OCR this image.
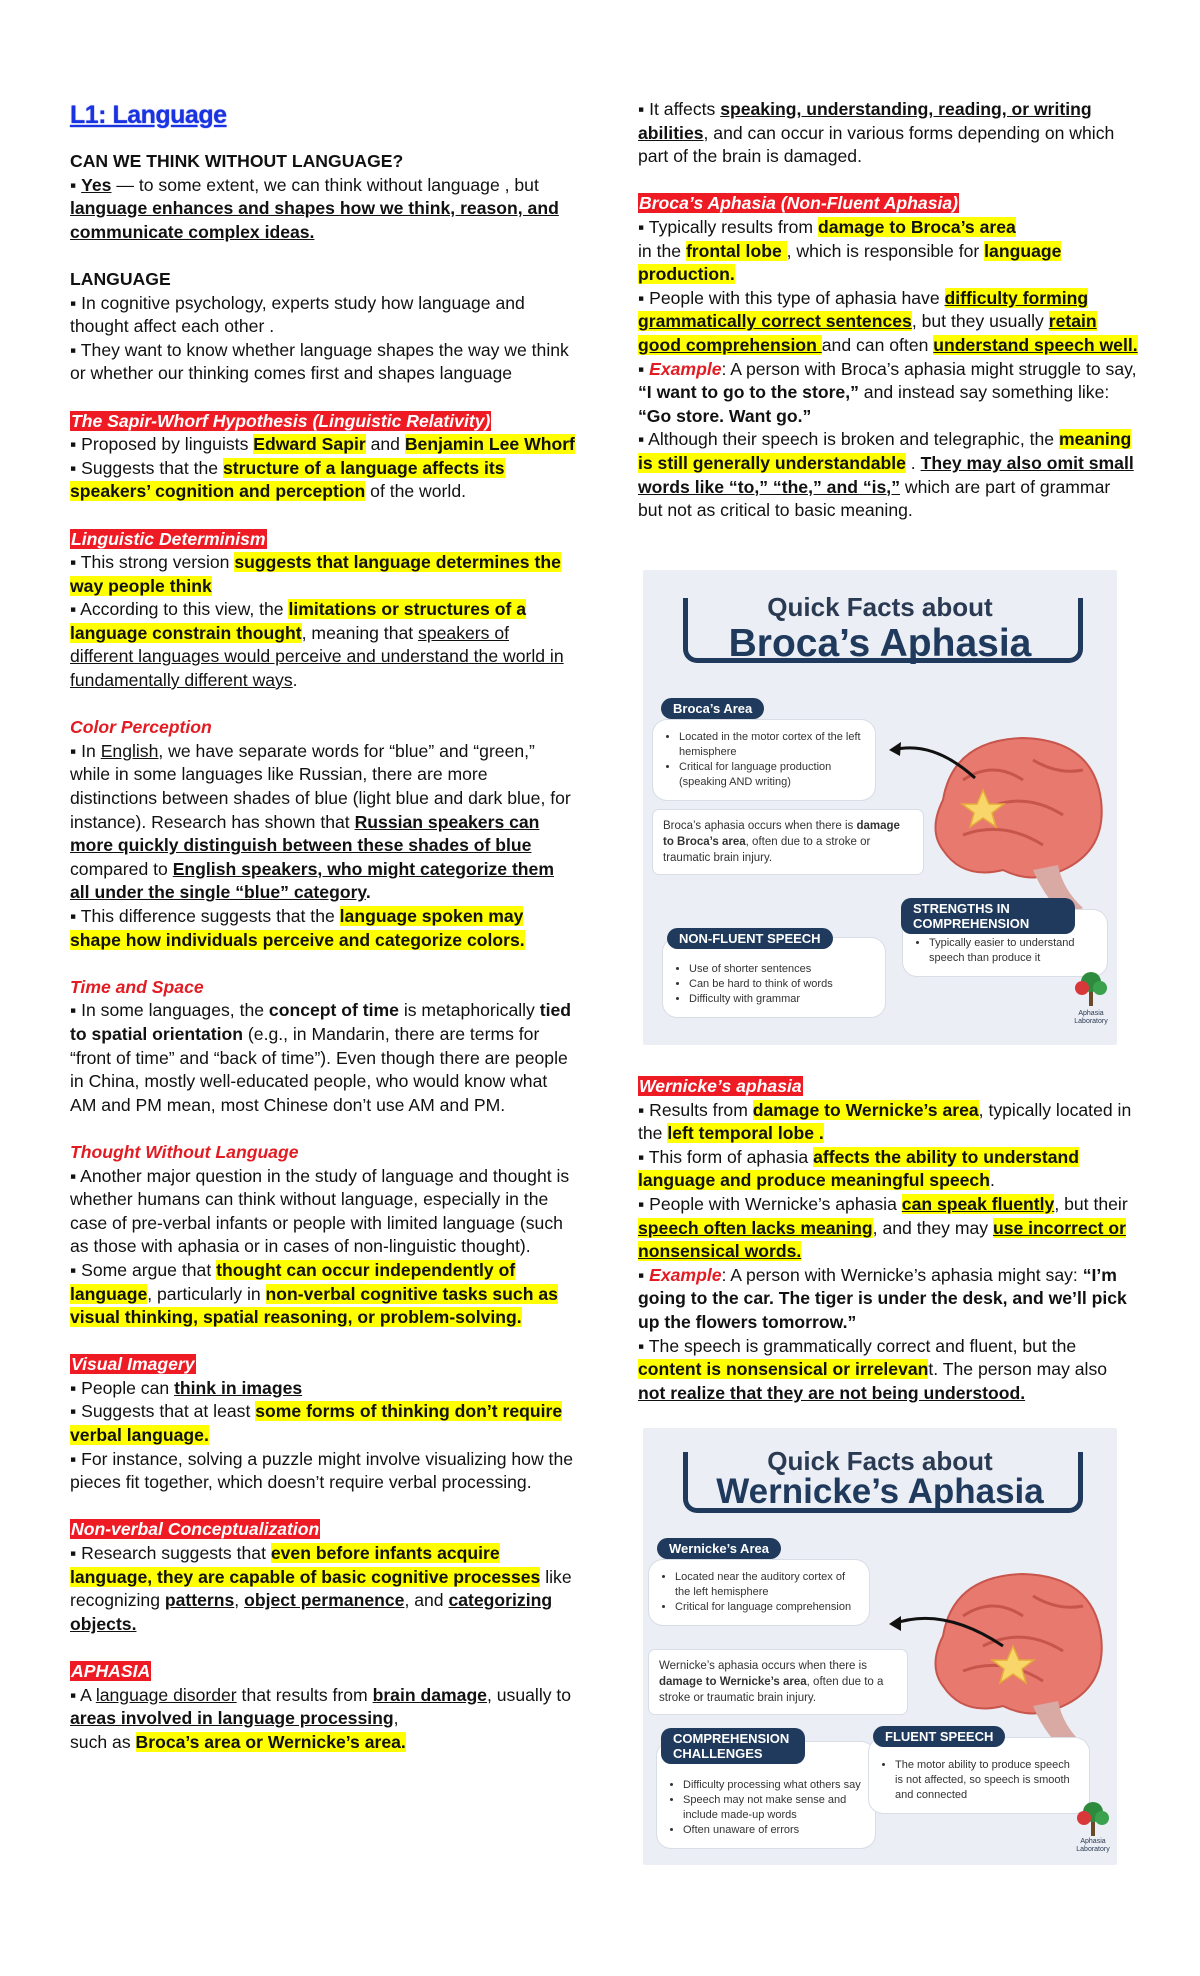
L1: Language

CAN WE THINK WITHOUT LANGUAGE?

▪ Yes — to some extent, we can think without language , but language enhances and shapes how we think, reason, and communicate complex ideas.

LANGUAGE

▪ In cognitive psychology, experts study how language and thought affect each other .

▪ They want to know whether language shapes the way we think or whether our thinking comes first and shapes language

The Sapir-Whorf Hypothesis (Linguistic Relativity)

▪ Proposed by linguists Edward Sapir and Benjamin Lee Whorf

▪ Suggests that the structure of a language affects its speakers’ cognition and perception of the world.

Linguistic Determinism

▪ This strong version suggests that language determines the way people think

▪ According to this view, the limitations or structures of a language constrain thought, meaning that speakers of different languages would perceive and understand the world in fundamentally different ways.

Color Perception

▪ In English, we have separate words for “blue” and “green,” while in some languages like Russian, there are more distinctions between shades of blue (light blue and dark blue, for instance). Research has shown that Russian speakers can more quickly distinguish between these shades of blue compared to English speakers, who might categorize them all under the single “blue” category.

▪ This difference suggests that the language spoken may shape how individuals perceive and categorize colors.

Time and Space

▪ In some languages, the concept of time is metaphorically tied to spatial orientation (e.g., in Mandarin, there are terms for “front of time” and “back of time”). Even though there are people in China, mostly well-educated people, who would know what AM and PM mean, most Chinese don’t use AM and PM.

Thought Without Language

▪ Another major question in the study of language and thought is whether humans can think without language, especially in the case of pre-verbal infants or people with limited language (such as those with aphasia or in cases of non-linguistic thought).

▪ Some argue that thought can occur independently of language, particularly in non-verbal cognitive tasks such as visual thinking, spatial reasoning, or problem-solving.

Visual Imagery

▪ People can think in images

▪ Suggests that at least some forms of thinking don’t require verbal language.

▪ For instance, solving a puzzle might involve visualizing how the pieces fit together, which doesn’t require verbal processing.

Non-verbal Conceptualization

▪ Research suggests that even before infants acquire language, they are capable of basic cognitive processes like recognizing patterns, object permanence, and categorizing objects.

APHASIA

▪ A language disorder that results from brain damage, usually to areas involved in language processing,

such as Broca’s area or Wernicke’s area.

▪ It affects speaking, understanding, reading, or writing abilities, and can occur in various forms depending on which part of the brain is damaged.

Broca’s Aphasia (Non-Fluent Aphasia)

▪ Typically results from damage to Broca’s area

in the frontal lobe , which is responsible for language production.

▪ People with this type of aphasia have difficulty forming grammatically correct sentences, but they usually retain good comprehension and can often understand speech well.

▪ Example: A person with Broca’s aphasia might struggle to say, “I want to go to the store,” and instead say something like: “Go store. Want go.”

▪ Although their speech is broken and telegraphic, the meaning is still generally understandable . They may also omit small words like “to,” “the,” and “is,” which are part of grammar but not as critical to basic meaning.

Quick Facts about
Broca’s Aphasia
Broca’s Area
• Located in the motor cortex of the left hemisphere
• Critical for language production (speaking AND writing)
Broca’s aphasia occurs when there is damage to Broca’s area, often due to a stroke or traumatic brain injury.
• Typically easier to understand speech than produce it
STRENGTHS IN COMPREHENSION
• Use of shorter sentences
• Can be hard to think of words
• Difficulty with grammar
NON-FLUENT SPEECH
Aphasia
Laboratory

Wernicke’s aphasia

▪ Results from damage to Wernicke’s area, typically located in the left temporal lobe .

▪ This form of aphasia affects the ability to understand language and produce meaningful speech.

▪ People with Wernicke’s aphasia can speak fluently, but their speech often lacks meaning, and they may use incorrect or nonsensical words.

▪ Example: A person with Wernicke’s aphasia might say: “I’m going to the car. The tiger is under the desk, and we’ll pick up the flowers tomorrow.”

▪ The speech is grammatically correct and fluent, but the content is nonsensical or irrelevant. The person may also not realize that they are not being understood.

Quick Facts about
Wernicke’s Aphasia
Wernicke’s Area
• Located near the auditory cortex of the left hemisphere
• Critical for language comprehension
Wernicke’s aphasia occurs when there is damage to Wernicke’s area, often due to a stroke or traumatic brain injury.
• Difficulty processing what others say
• Speech may not make sense and include made-up words
• Often unaware of errors
COMPREHENSION CHALLENGES
• The motor ability to produce speech is not affected, so speech is smooth and connected
FLUENT SPEECH
Aphasia
Laboratory
